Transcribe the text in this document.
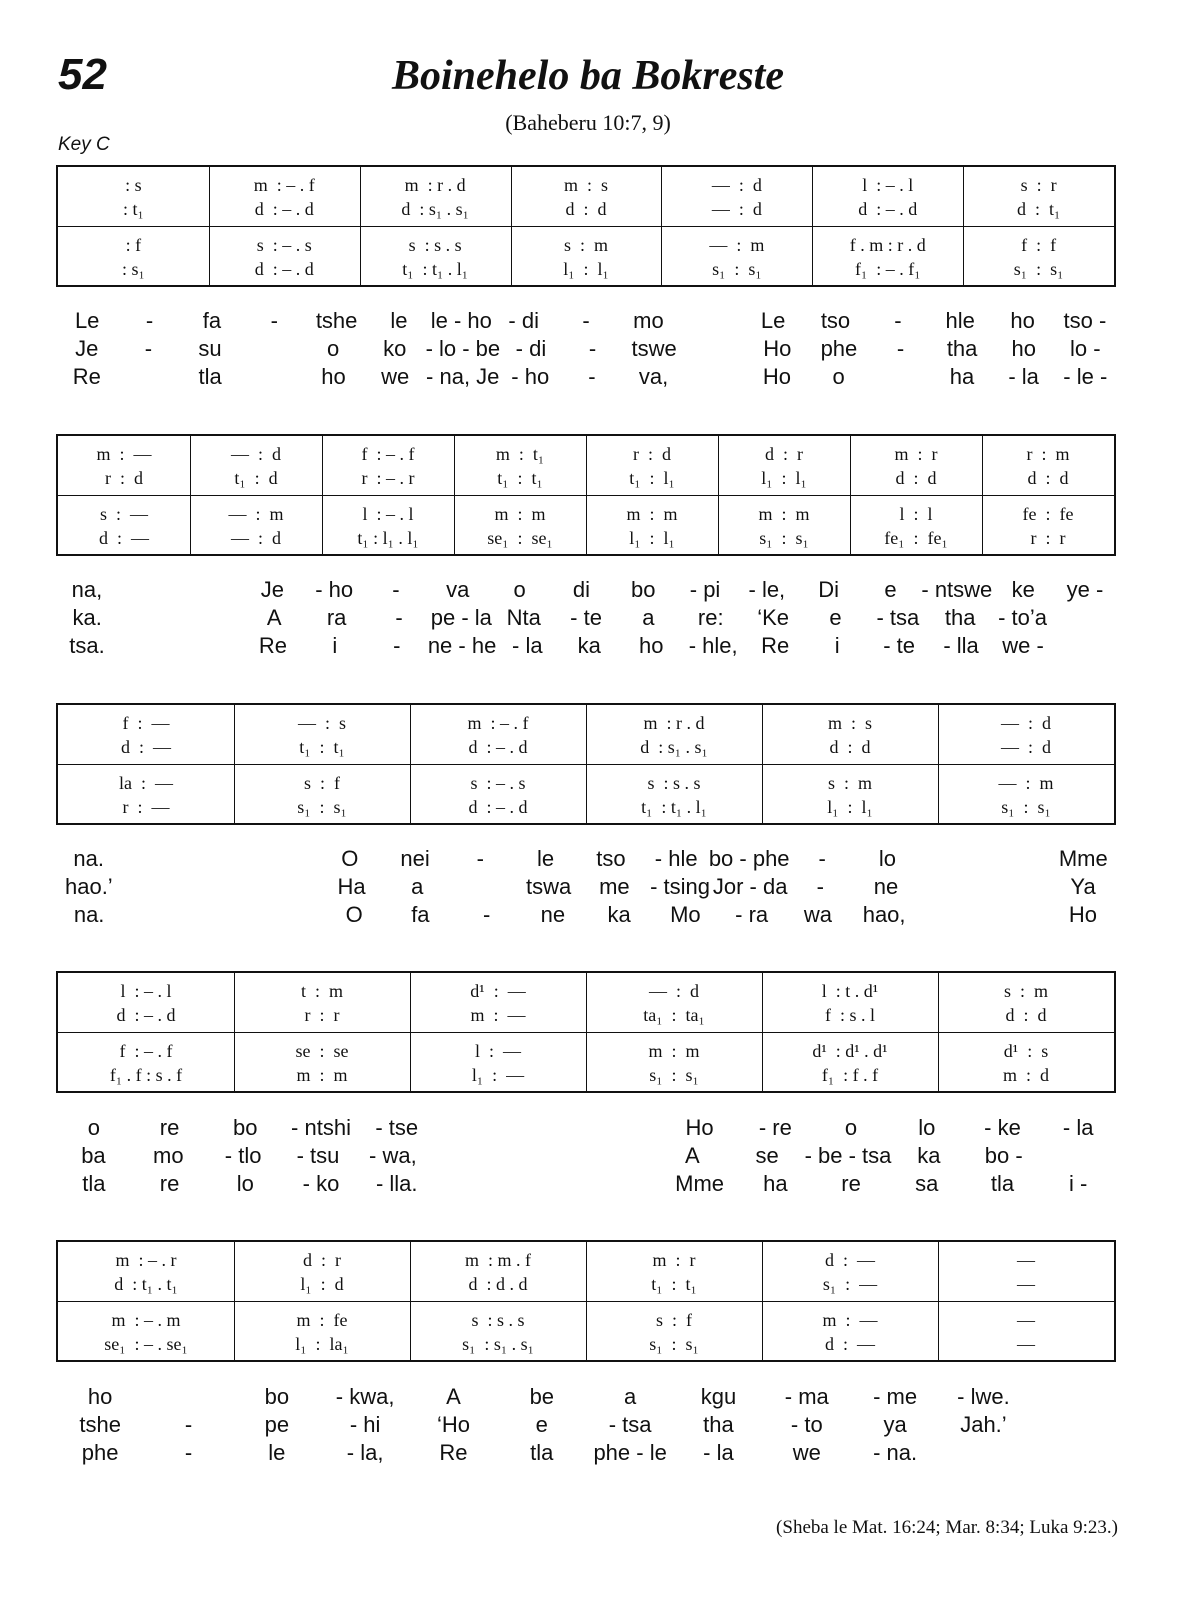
52	Boinehelo ba Bokreste
(Baheberu 10:7, 9)
Key C
: s	m  : – . f	m  : r . d	m  :  s	—  :  d	l  : – . l	s  :  r
: t₁	d  : – . d	d  : s₁ . s₁	d  :  d	—  :  d	d  : – . d	d  :  t₁
: f	s  : – . s	s  : s . s	s  :  m	—  :  m	f . m : r . d	f  :  f
: s₁	d  : – . d	t₁  : t₁ . l₁	l₁  :  l₁	s₁  :  s₁	f₁  : – . f₁	s₁  :  s₁
Le	-	fa	-	tshe	le	le - ho - di	-	mo	Le	tso	-	hle	ho	tso -
Je	-	su	o	ko - lo - be - di	-	tswe	Ho	phe	-	tha	ho	lo -
Re	tla	ho	we - na, Je - ho	-	va,	Ho	o	ha	- la	- le -
m  :  —	—  :  d	f  : – . f	m  :  t₁	r  :  d	d  :  r	m  :  r	r  :  m
r  :  d	t₁  :  d	r  : – . r	t₁  :  t₁	t₁  :  l₁	l₁  :  l₁	d  :  d	d  :  d
s  :  —	—  :  m	l  : – . l	m  :  m	m  :  m	m  :  m	l  :  l	fe  :  fe
d  :  —	—  :  d	t₁ : l₁ . l₁	se₁  :  se₁	l₁  :  l₁	s₁  :  s₁	fe₁  :  fe₁	r  :  r
na,	Je	- ho	-	va	o	di	bo	- pi	- le,	Di	e	- ntswe ke	ye -
ka.	A	ra	-	pe - la Nta	- te	a	re:	‘Ke	e	- tsa	tha	- to’a
tsa.	Re	i	-	ne - he - la	ka	ho	- hle,	Re	i	- te	- lla	we -
f  :  —	—  :  s	m  : – . f	m  : r . d	m  :  s	—  :  d
d  :  —	t₁  :  t₁	d  : – . d	d  : s₁ . s₁	d  :  d	—  :  d
la  :  —	s  :  f	s  : – . s	s  : s . s	s  :  m	—  :  m
r  :  —	s₁  :  s₁	d  : – . d	t₁  : t₁ . l₁	l₁  :  l₁	s₁  :  s₁
na.	O	nei	-	le	tso	- hle bo - phe	-	lo	Mme
hao.’	Ha	a	tswa	me - tsing Jor - da	-	ne	Ya
na.	O	fa	-	ne	ka	Mo	- ra	wa	hao,	Ho
l  : – . l	t  :  m	d¹  :  —	—  :  d	l  : t . d¹	s  :  m
d  : – . d	r  :  r	m  :  —	ta₁  :  ta₁	f  : s . l	d  :  d
f  : – . f	se  :  se	l  :  —	m  :  m	d¹  : d¹ . d¹	d¹  :  s
f₁ . f : s . f	m  :  m	l₁  :  —	s₁  :  s₁	f₁  : f . f	m  :  d
o	re	bo	- ntshi	- tse	Ho	- re	o	lo	- ke	- la
ba	mo	- tlo	- tsu	- wa,	A	se	- be - tsa	ka	bo -
tla	re	lo	- ko	- lla.	Mme	ha	re	sa	tla	i -
m  : – . r	d  :  r	m  : m . f	m  :  r	d  :  —	—
d  : t₁ . t₁	l₁  :  d	d  : d . d	t₁  :  t₁	s₁  :  —	—
m  : – . m	m  :  fe	s  : s . s	s  :  f	m  :  —	—
se₁  : – . se₁	l₁  :  la₁	s₁  : s₁ . s₁	s₁  :  s₁	d  :  —	—
ho	bo	- kwa,	A	be	a	kgu	- ma	- me	- lwe.
tshe	-	pe	- hi	‘Ho	e	- tsa	tha	- to	ya	Jah.’
phe	-	le	- la,	Re	tla	phe - le	- la	we	- na.
(Sheba le Mat. 16:24; Mar. 8:34; Luka 9:23.)
